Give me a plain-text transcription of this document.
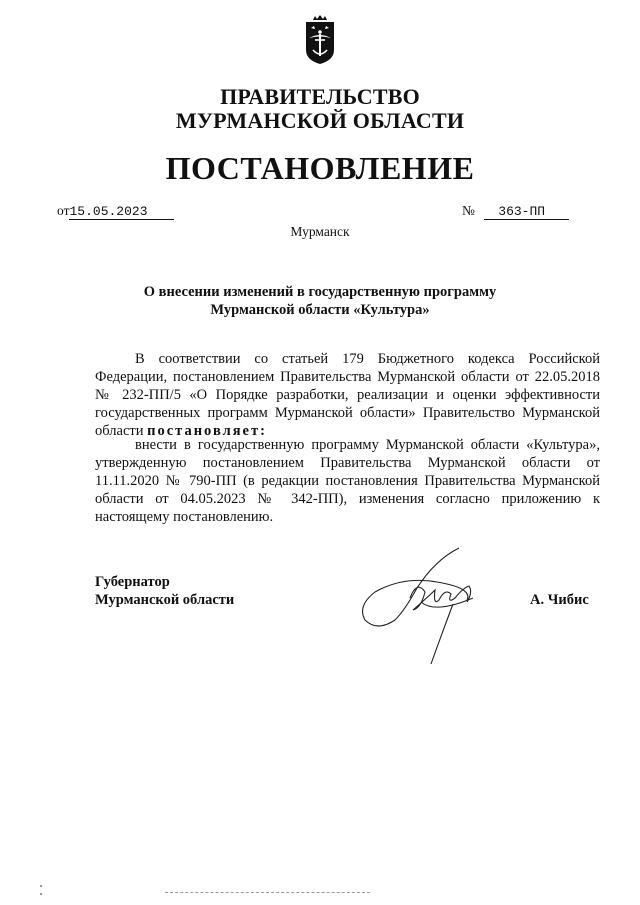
ПРАВИТЕЛЬСТВО
МУРМАНСКОЙ ОБЛАСТИ
ПОСТАНОВЛЕНИЕ
от15.05.2023	№ 363-ПП
Мурманск
О внесении изменений в государственную программу
Мурманской области «Культура»
В соответствии со статьей 179 Бюджетного кодекса Российской Федерации, постановлением Правительства Мурманской области от 22.05.2018 № 232-ПП/5 «О Порядке разработки, реализации и оценки эффективности государственных программ Мурманской области» Правительство Мурманской области постановляет:
внести в государственную программу Мурманской области «Культура», утвержденную постановлением Правительства Мурманской области от 11.11.2020 № 790-ПП (в редакции постановления Правительства Мурманской области от 04.05.2023 № 342-ПП), изменения согласно приложению к настоящему постановлению.
Губернатор
Мурманской области	А. Чибис
